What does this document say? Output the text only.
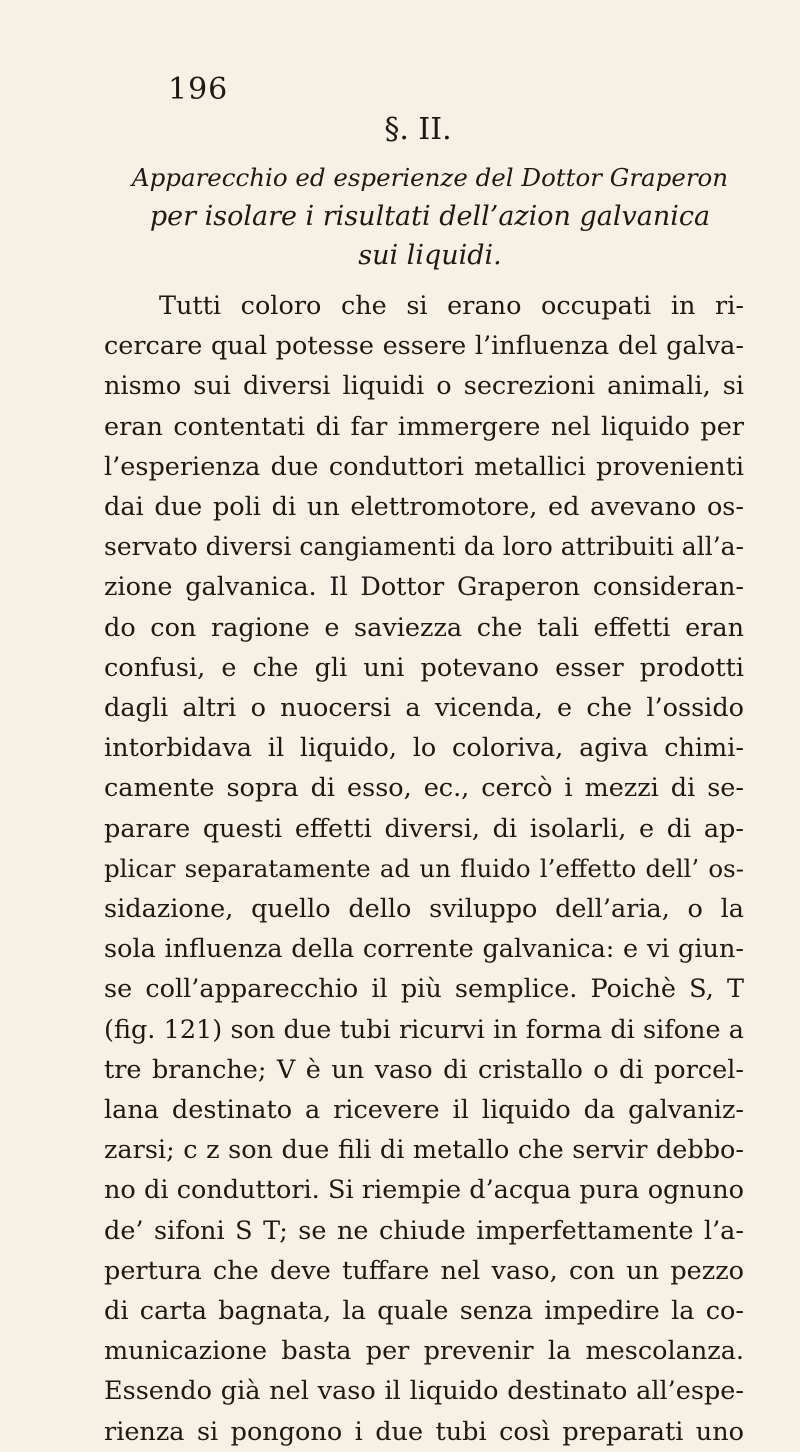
196
§. II.
Apparecchio ed esperienze del Dottor Graperon
per isolare i risultati dell’azion galvanica
sui liquidi.
Tutti coloro che si erano occupati in ri-
cercare qual potesse essere l’influenza del galva-
nismo sui diversi liquidi o secrezioni animali, si
eran contentati di far immergere nel liquido per
l’esperienza due conduttori metallici provenienti
dai due poli di un elettromotore, ed avevano os-
servato diversi cangiamenti da loro attribuiti all’a-
zione galvanica. Il Dottor Graperon consideran-
do con ragione e saviezza che tali effetti eran
confusi, e che gli uni potevano esser prodotti
dagli altri o nuocersi a vicenda, e che l’ossido
intorbidava il liquido, lo coloriva, agiva chimi-
camente sopra di esso, ec., cercò i mezzi di se-
parare questi effetti diversi, di isolarli, e di ap-
plicar separatamente ad un fluido l’effetto dell’ os-
sidazione, quello dello sviluppo dell’aria, o la
sola influenza della corrente galvanica: e vi giun-
se coll’apparecchio il più semplice. Poichè S, T
(fig. 121) son due tubi ricurvi in forma di sifone a
tre branche; V è un vaso di cristallo o di porcel-
lana destinato a ricevere il liquido da galvaniz-
zarsi; c z son due fili di metallo che servir debbo-
no di conduttori. Si riempie d’acqua pura ognuno
de’ sifoni S T; se ne chiude imperfettamente l’a-
pertura che deve tuffare nel vaso, con un pezzo
di carta bagnata, la quale senza impedire la co-
municazione basta per prevenir la mescolanza.
Essendo già nel vaso il liquido destinato all’espe-
rienza si pongono i due tubi così preparati uno
